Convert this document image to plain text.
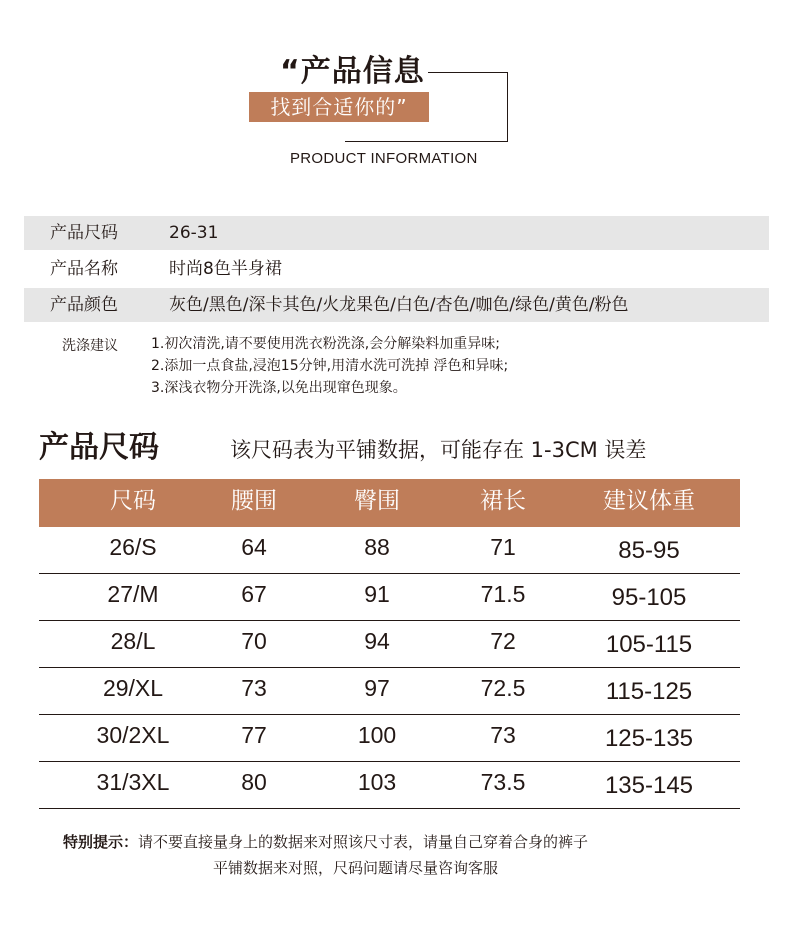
“产品信息
找到合适你的”
PRODUCT INFORMATION
产品尺码	26-31
产品名称	时尚8色半身裙
产品颜色	灰色/黑色/深卡其色/火龙果色/白色/杏色/咖色/绿色/黄色/粉色
洗涤建议 1.初次清洗,请不要使用洗衣粉洗涤,会分解染料加重异味;
2.添加一点食盐,浸泡15分钟,用清水洗可洗掉 浮色和异味;
3.深浅衣物分开洗涤,以免出现窜色现象。
产品尺码	该尺码表为平铺数据，可能存在 1-3CM 误差
尺码	腰围	臀围	裙长	建议体重
26/S	64	88	71	85-95
27/M	67	91	71.5	95-105
28/L	70	94	72	105-115
29/XL	73	97	72.5	115-125
30/2XL	77	100	73	125-135
31/3XL	80	103	73.5	135-145
特别提示：请不要直接量身上的数据来对照该尺寸表，请量自己穿着合身的裤子
平铺数据来对照，尺码问题请尽量咨询客服
